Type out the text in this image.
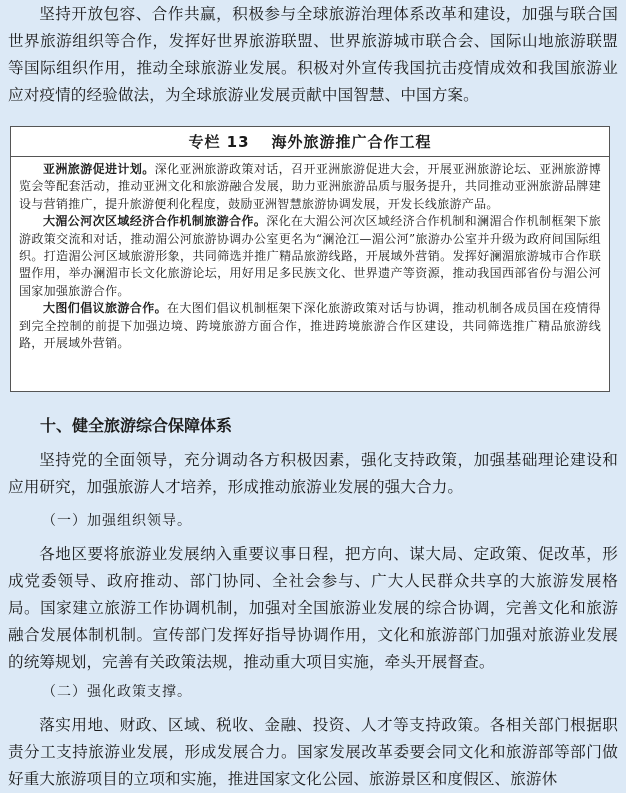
坚持开放包容、合作共赢，积极参与全球旅游治理体系改革和建设，加强与联合国世界旅游组织等合作，发挥好世界旅游联盟、世界旅游城市联合会、国际山地旅游联盟等国际组织作用，推动全球旅游业发展。积极对外宣传我国抗击疫情成效和我国旅游业应对疫情的经验做法，为全球旅游业发展贡献中国智慧、中国方案。

专栏 13 海外旅游推广合作工程

亚洲旅游促进计划。深化亚洲旅游政策对话，召开亚洲旅游促进大会，开展亚洲旅游论坛、亚洲旅游博览会等配套活动，推动亚洲文化和旅游融合发展，助力亚洲旅游品质与服务提升，共同推动亚洲旅游品牌建设与营销推广，提升旅游便利化程度，鼓励亚洲智慧旅游协调发展，开发长线旅游产品。

大湄公河次区域经济合作机制旅游合作。深化在大湄公河次区域经济合作机制和澜湄合作机制框架下旅游政策交流和对话，推动湄公河旅游协调办公室更名为“澜沧江—湄公河”旅游办公室并升级为政府间国际组织。打造湄公河区域旅游形象，共同筛选并推广精品旅游线路，开展域外营销。发挥好澜湄旅游城市合作联盟作用，举办澜湄市长文化旅游论坛，用好用足多民族文化、世界遗产等资源，推动我国西部省份与湄公河国家加强旅游合作。

大图们倡议旅游合作。在大图们倡议机制框架下深化旅游政策对话与协调，推动机制各成员国在疫情得到完全控制的前提下加强边境、跨境旅游方面合作，推进跨境旅游合作区建设，共同筛选推广精品旅游线路，开展域外营销。

十、健全旅游综合保障体系

坚持党的全面领导，充分调动各方积极因素，强化支持政策，加强基础理论建设和应用研究，加强旅游人才培养，形成推动旅游业发展的强大合力。

（一）加强组织领导。

各地区要将旅游业发展纳入重要议事日程，把方向、谋大局、定政策、促改革，形成党委领导、政府推动、部门协同、全社会参与、广大人民群众共享的大旅游发展格局。国家建立旅游工作协调机制，加强对全国旅游业发展的综合协调，完善文化和旅游融合发展体制机制。宣传部门发挥好指导协调作用，文化和旅游部门加强对旅游业发展的统筹规划，完善有关政策法规，推动重大项目实施，牵头开展督查。

（二）强化政策支撑。

落实用地、财政、区域、税收、金融、投资、人才等支持政策。各相关部门根据职责分工支持旅游业发展，形成发展合力。国家发展改革委要会同文化和旅游部等部门做好重大旅游项目的立项和实施，推进国家文化公园、旅游景区和度假区、旅游休
